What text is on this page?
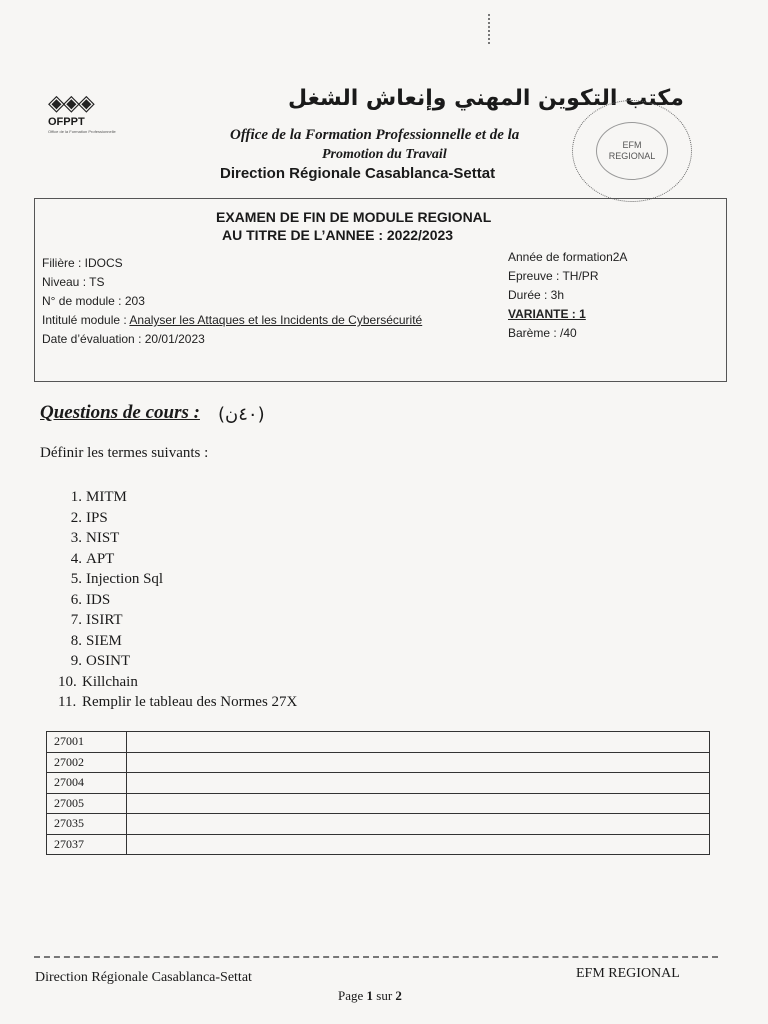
◈◈◈
OFPPT
Office de la Formation Professionnelle
مكتب التكوين المهني وإنعاش الشغل
Office de la Formation Professionnelle et de la
Promotion du Travail
Direction Régionale Casablanca-Settat
EFM
REGIONAL
EXAMEN DE FIN DE MODULE REGIONAL
AU TITRE DE L’ANNEE : 2022/2023
Filière : IDOCS
Niveau : TS
N° de module : 203
Intitulé module : Analyser les Attaques et les Incidents de Cybersécurité
Date d’évaluation : 20/01/2023
Année de formation2A
Epreuve : TH/PR
Durée : 3h
VARIANTE : 1
Barème : /40
Questions de cours : (٤٠ن)
Définir les termes suivants :
1. MITM
2. IPS
3. NIST
4. APT
5. Injection Sql
6. IDS
7. ISIRT
8. SIEM
9. OSINT
10. Killchain
11. Remplir le tableau des Normes 27X
27001	
27002	
27004	
27005	
27035	
27037	
Direction Régionale Casablanca-Settat	EFM REGIONAL
Page 1 sur 2
